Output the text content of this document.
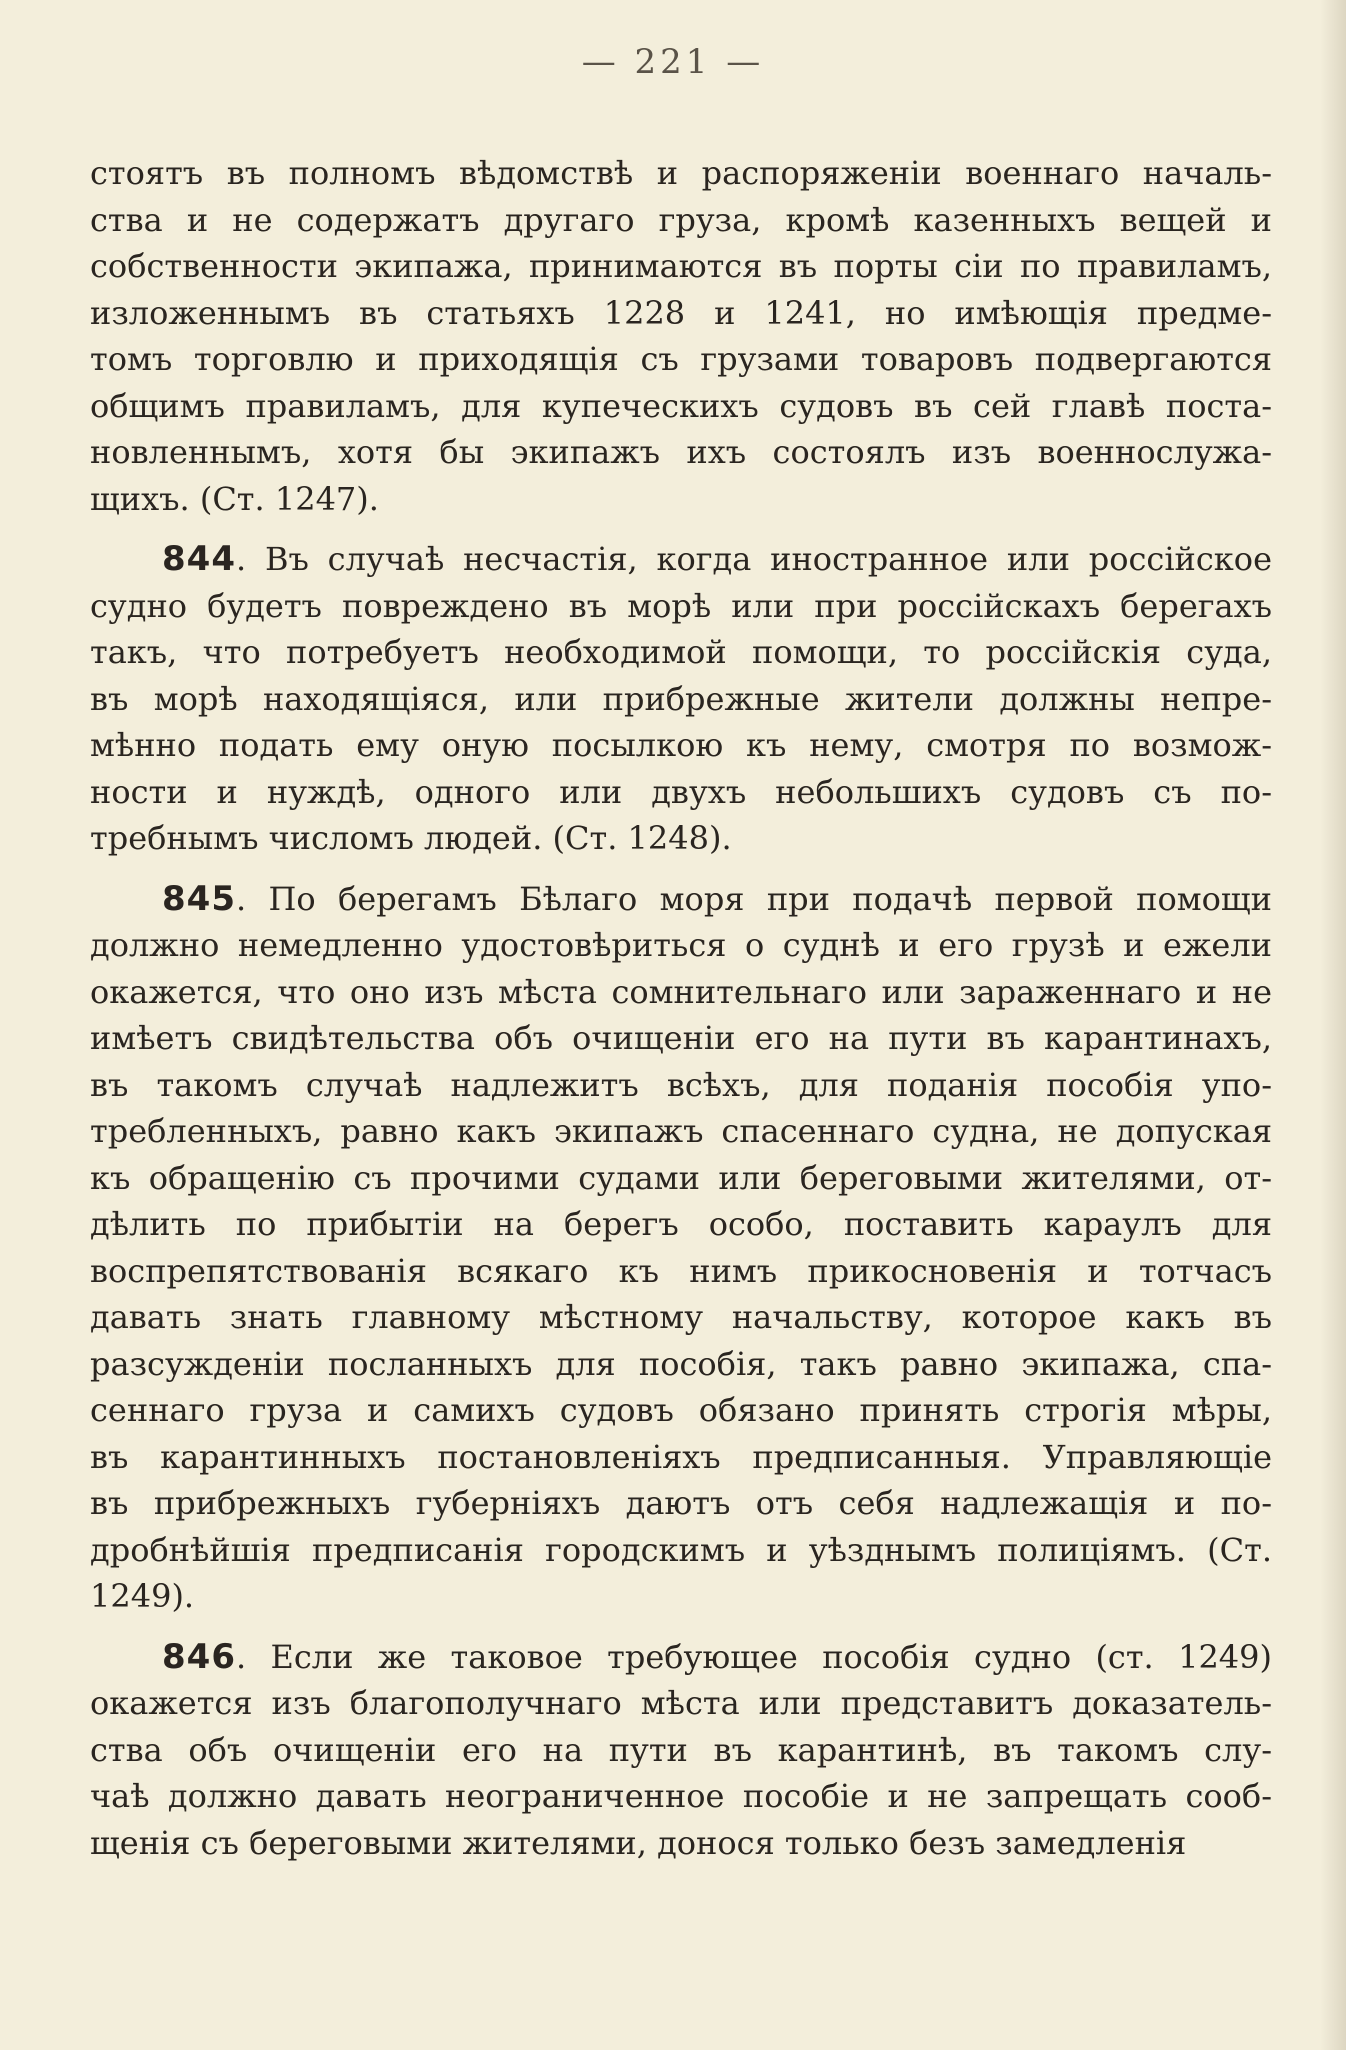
— 221 —
стоятъ въ полномъ вѣдомствѣ и распоряженіи военнаго началь-
ства и не содержатъ другаго груза, кромѣ казенныхъ вещей и
собственности экипажа, принимаются въ порты сіи по правиламъ,
изложеннымъ въ статьяхъ 1228 и 1241, но имѣющія предме-
томъ торговлю и приходящія съ грузами товаровъ подвергаются
общимъ правиламъ, для купеческихъ судовъ въ сей главѣ поста-
новленнымъ, хотя бы экипажъ ихъ состоялъ изъ военнослужа-
щихъ. (Ст. 1247).
844. Въ случаѣ несчастія, когда иностранное или россійское
судно будетъ повреждено въ морѣ или при россійскахъ берегахъ
такъ, что потребуетъ необходимой помощи, то россійскія суда,
въ морѣ находящіяся, или прибрежные жители должны непре-
мѣнно подать ему оную посылкою къ нему, смотря по возмож-
ности и нуждѣ, одного или двухъ небольшихъ судовъ съ по-
требнымъ числомъ людей. (Ст. 1248).
845. По берегамъ Бѣлаго моря при подачѣ первой помощи
должно немедленно удостовѣриться о суднѣ и его грузѣ и ежели
окажется, что оно изъ мѣста сомнительнаго или зараженнаго и не
имѣетъ свидѣтельства объ очищеніи его на пути въ карантинахъ,
въ такомъ случаѣ надлежитъ всѣхъ, для поданія пособія упо-
требленныхъ, равно какъ экипажъ спасеннаго судна, не допуская
къ обращенію съ прочими судами или береговыми жителями, от-
дѣлить по прибытіи на берегъ особо, поставить караулъ для
воспрепятствованія всякаго къ нимъ прикосновенія и тотчасъ
давать знать главному мѣстному начальству, которое какъ въ
разсужденіи посланныхъ для пособія, такъ равно экипажа, спа-
сеннаго груза и самихъ судовъ обязано принять строгія мѣры,
въ карантинныхъ постановленіяхъ предписанныя. Управляющіе
въ прибрежныхъ губерніяхъ даютъ отъ себя надлежащія и по-
дробнѣйшія предписанія городскимъ и уѣзднымъ полиціямъ. (Ст.
1249).
846. Если же таковое требующее пособія судно (ст. 1249)
окажется изъ благополучнаго мѣста или представитъ доказатель-
ства объ очищеніи его на пути въ карантинѣ, въ такомъ слу-
чаѣ должно давать неограниченное пособіе и не запрещать сооб-
щенія съ береговыми жителями, донося только безъ замедленія
